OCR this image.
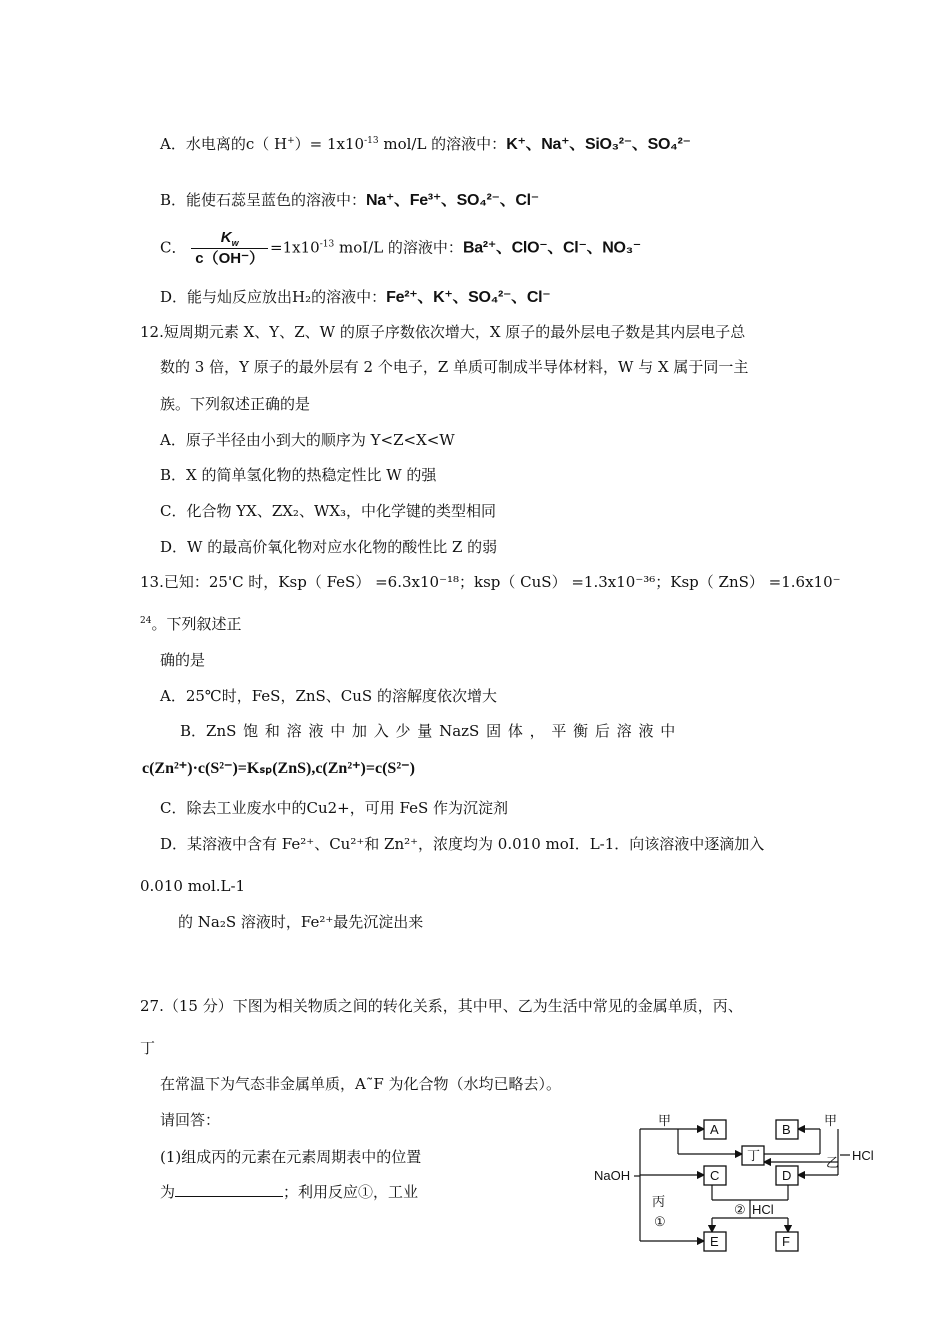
A．水电离的c（ $H^+)= 1x10^{-13}$ mol/L 的溶液中：K⁺、Na⁺、SiO₃²⁻、SO₄²⁻
B．能使石蕊呈蓝色的溶液中：Na⁺、Fe³⁺、SO₄²⁻、Cl⁻
C． $\frac{K_w}{c(OH^-)} =1x10^{-13}$ moI/L 的溶液中：Ba²⁺、ClO⁻、Cl⁻、NO₃⁻
D．能与灿反应放出H₂的溶液中：Fe²⁺、K⁺、SO₄²⁻、Cl⁻
12.短周期元素 X、Y、Z、W 的原子序数依次增大，X 原子的最外层电子数是其内层电子总
数的 3 倍，Y 原子的最外层有 2 个电子，Z 单质可制成半导体材料，W 与 X 属于同一主
族。下列叙述正确的是
A．原子半径由小到大的顺序为 Y<Z<X<W
B．X 的简单氢化物的热稳定性比 W 的强
C．化合物 YX、ZX₂、WX₃，中化学键的类型相同
D．W 的最高价氧化物对应水化物的酸性比 Z 的弱
13.已知：25'C 时，Ksp（ FeS） =6.3x10⁻¹⁸；ksp（ CuS） =1.3x10⁻³⁶；Ksp（ ZnS） =1.6x10⁻
$^{24}$。下列叙述正
确的是
A．25℃时，FeS，ZnS、CuS 的溶解度依次增大
B．ZnS 饱 和 溶 液 中 加 入 少 量 NazS 固 体 ， 平 衡 后 溶 液 中
c(Zn²⁺)·c(S²⁻)=Kₛₚ(ZnS),c(Zn²⁺)=c(S²⁻)
C．除去工业废水中的Cu2+，可用 FeS 作为沉淀剂
D．某溶液中含有 Fe²⁺、Cu²⁺和 Zn²⁺，浓度均为 0.010 moI．L-1．向该溶液中逐滴加入
0.010 mol.L-1
的 Na₂S 溶液时，Fe²⁺最先沉淀出来
27.（15 分）下图为相关物质之间的转化关系，其中甲、乙为生活中常见的金属单质，丙、
丁
在常温下为气态非金属单质，A˜F 为化合物（水均已略去）。
请回答：
(1)组成丙的元素在元素周期表中的位置
为	；利用反应①，工业
NaOH
甲	甲
丙
①
② HCl
乙 HCl
丁
A	B
C	D
E	F
